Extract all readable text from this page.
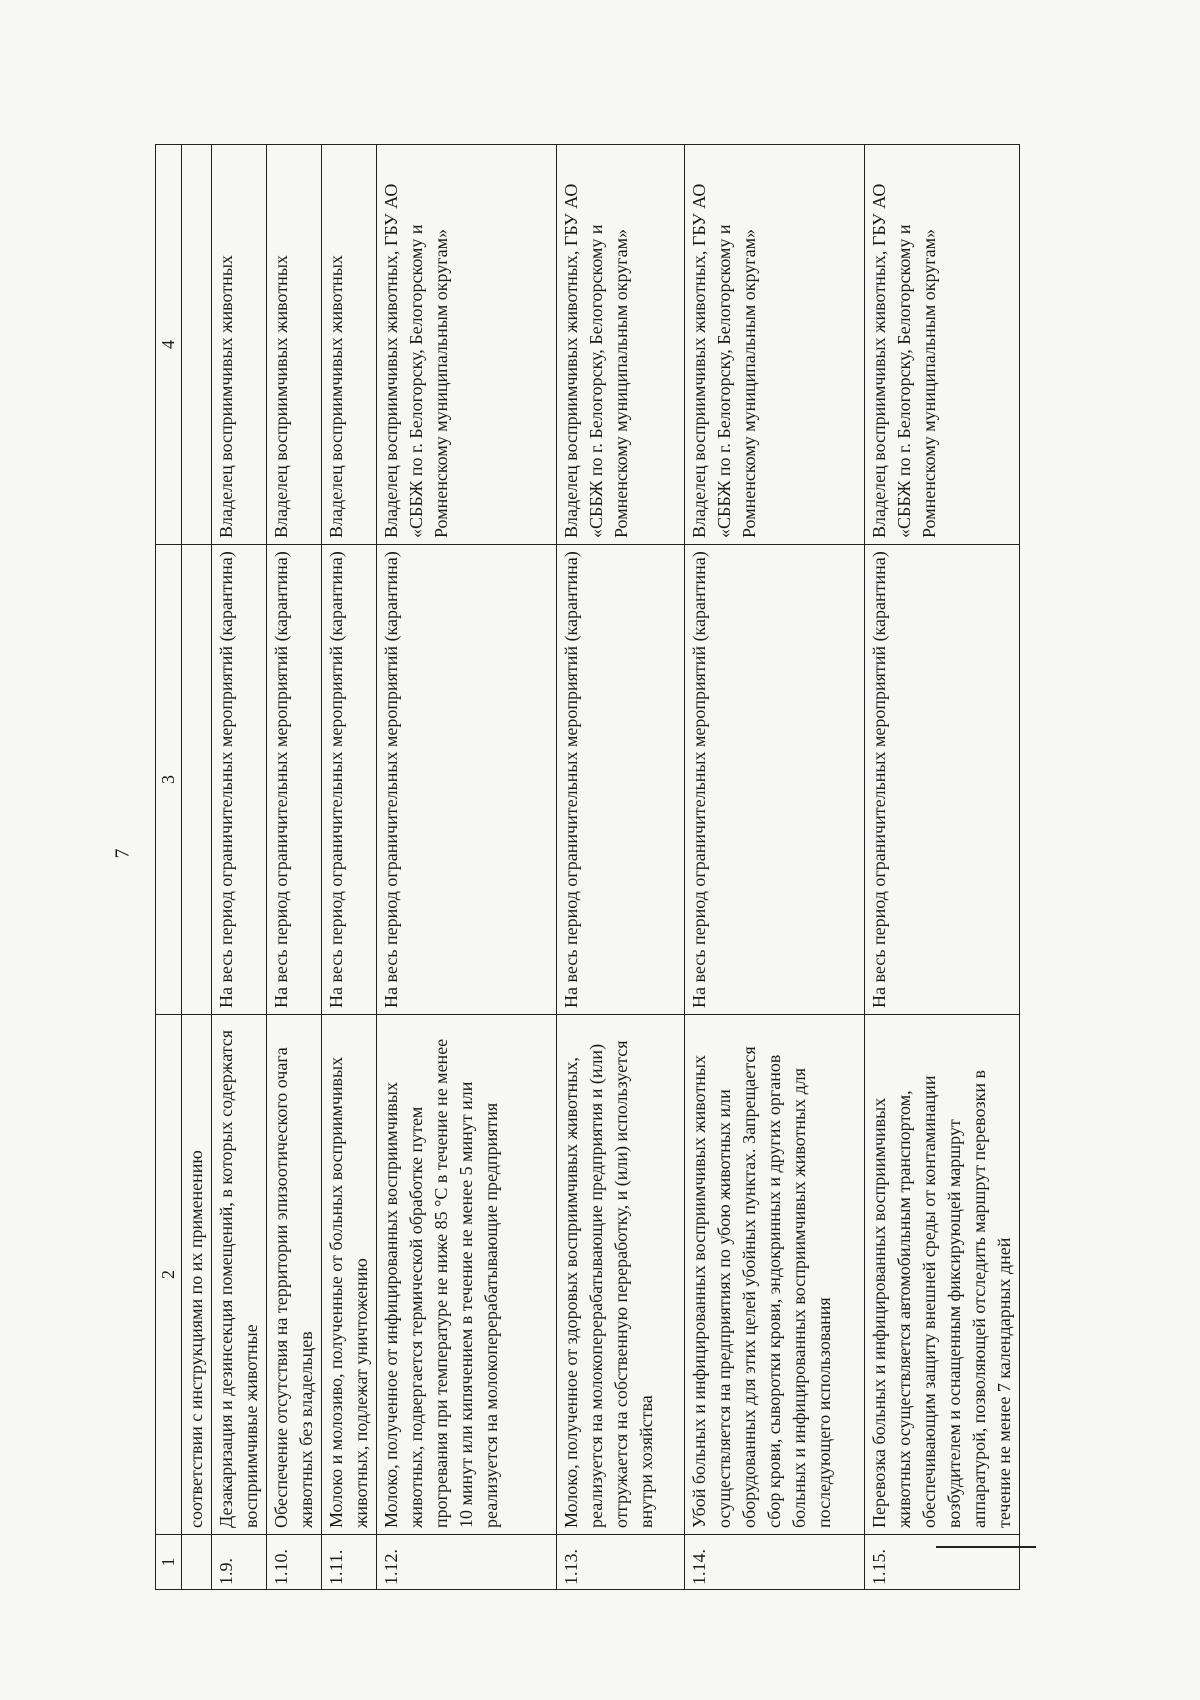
7
1	2	3	4
	соответствии с инструкциями по их применению		
1.9.	Дезакаризация и дезинсекция помещений, в которых содержатся восприимчивые животные	На весь период ограничительных мероприятий (карантина)	Владелец восприимчивых животных
1.10.	Обеспечение отсутствия на территории эпизоотического очага животных без владельцев	На весь период ограничительных мероприятий (карантина)	Владелец восприимчивых животных
1.11.	Молоко и молозиво, полученные от больных восприимчивых животных, подлежат уничтожению	На весь период ограничительных мероприятий (карантина)	Владелец восприимчивых животных
1.12.	Молоко, полученное от инфицированных восприимчивых животных, подвергается термической обработке путем прогревания при температуре не ниже 85 °С в течение не менее 10 минут или кипячением в течение не менее 5 минут или реализуется на молокоперерабатывающие предприятия	На весь период ограничительных мероприятий (карантина)	Владелец восприимчивых животных, ГБУ АО «СББЖ по г. Белогорску, Белогорскому и Ромненскому муниципальным округам»
1.13.	Молоко, полученное от здоровых восприимчивых животных, реализуется на молокоперерабатывающие предприятия и (или) отгружается на собственную переработку, и (или) используется внутри хозяйства	На весь период ограничительных мероприятий (карантина)	Владелец восприимчивых животных, ГБУ АО «СББЖ по г. Белогорску, Белогорскому и Ромненскому муниципальным округам»
1.14.	Убой больных и инфицированных восприимчивых животных осуществляется на предприятиях по убою животных или оборудованных для этих целей убойных пунктах. Запрещается сбор крови, сыворотки крови, эндокринных и других органов больных и инфицированных восприимчивых животных для последующего использования	На весь период ограничительных мероприятий (карантина)	Владелец восприимчивых животных, ГБУ АО «СББЖ по г. Белогорску, Белогорскому и Ромненскому муниципальным округам»
1.15.	Перевозка больных и инфицированных восприимчивых животных осуществляется автомобильным транспортом, обеспечивающим защиту внешней среды от контаминации возбудителем и оснащенным фиксирующей маршрут аппаратурой, позволяющей отследить маршрут перевозки в течение не менее 7 календарных дней	На весь период ограничительных мероприятий (карантина)	Владелец восприимчивых животных, ГБУ АО «СББЖ по г. Белогорску, Белогорскому и Ромненскому муниципальным округам»
